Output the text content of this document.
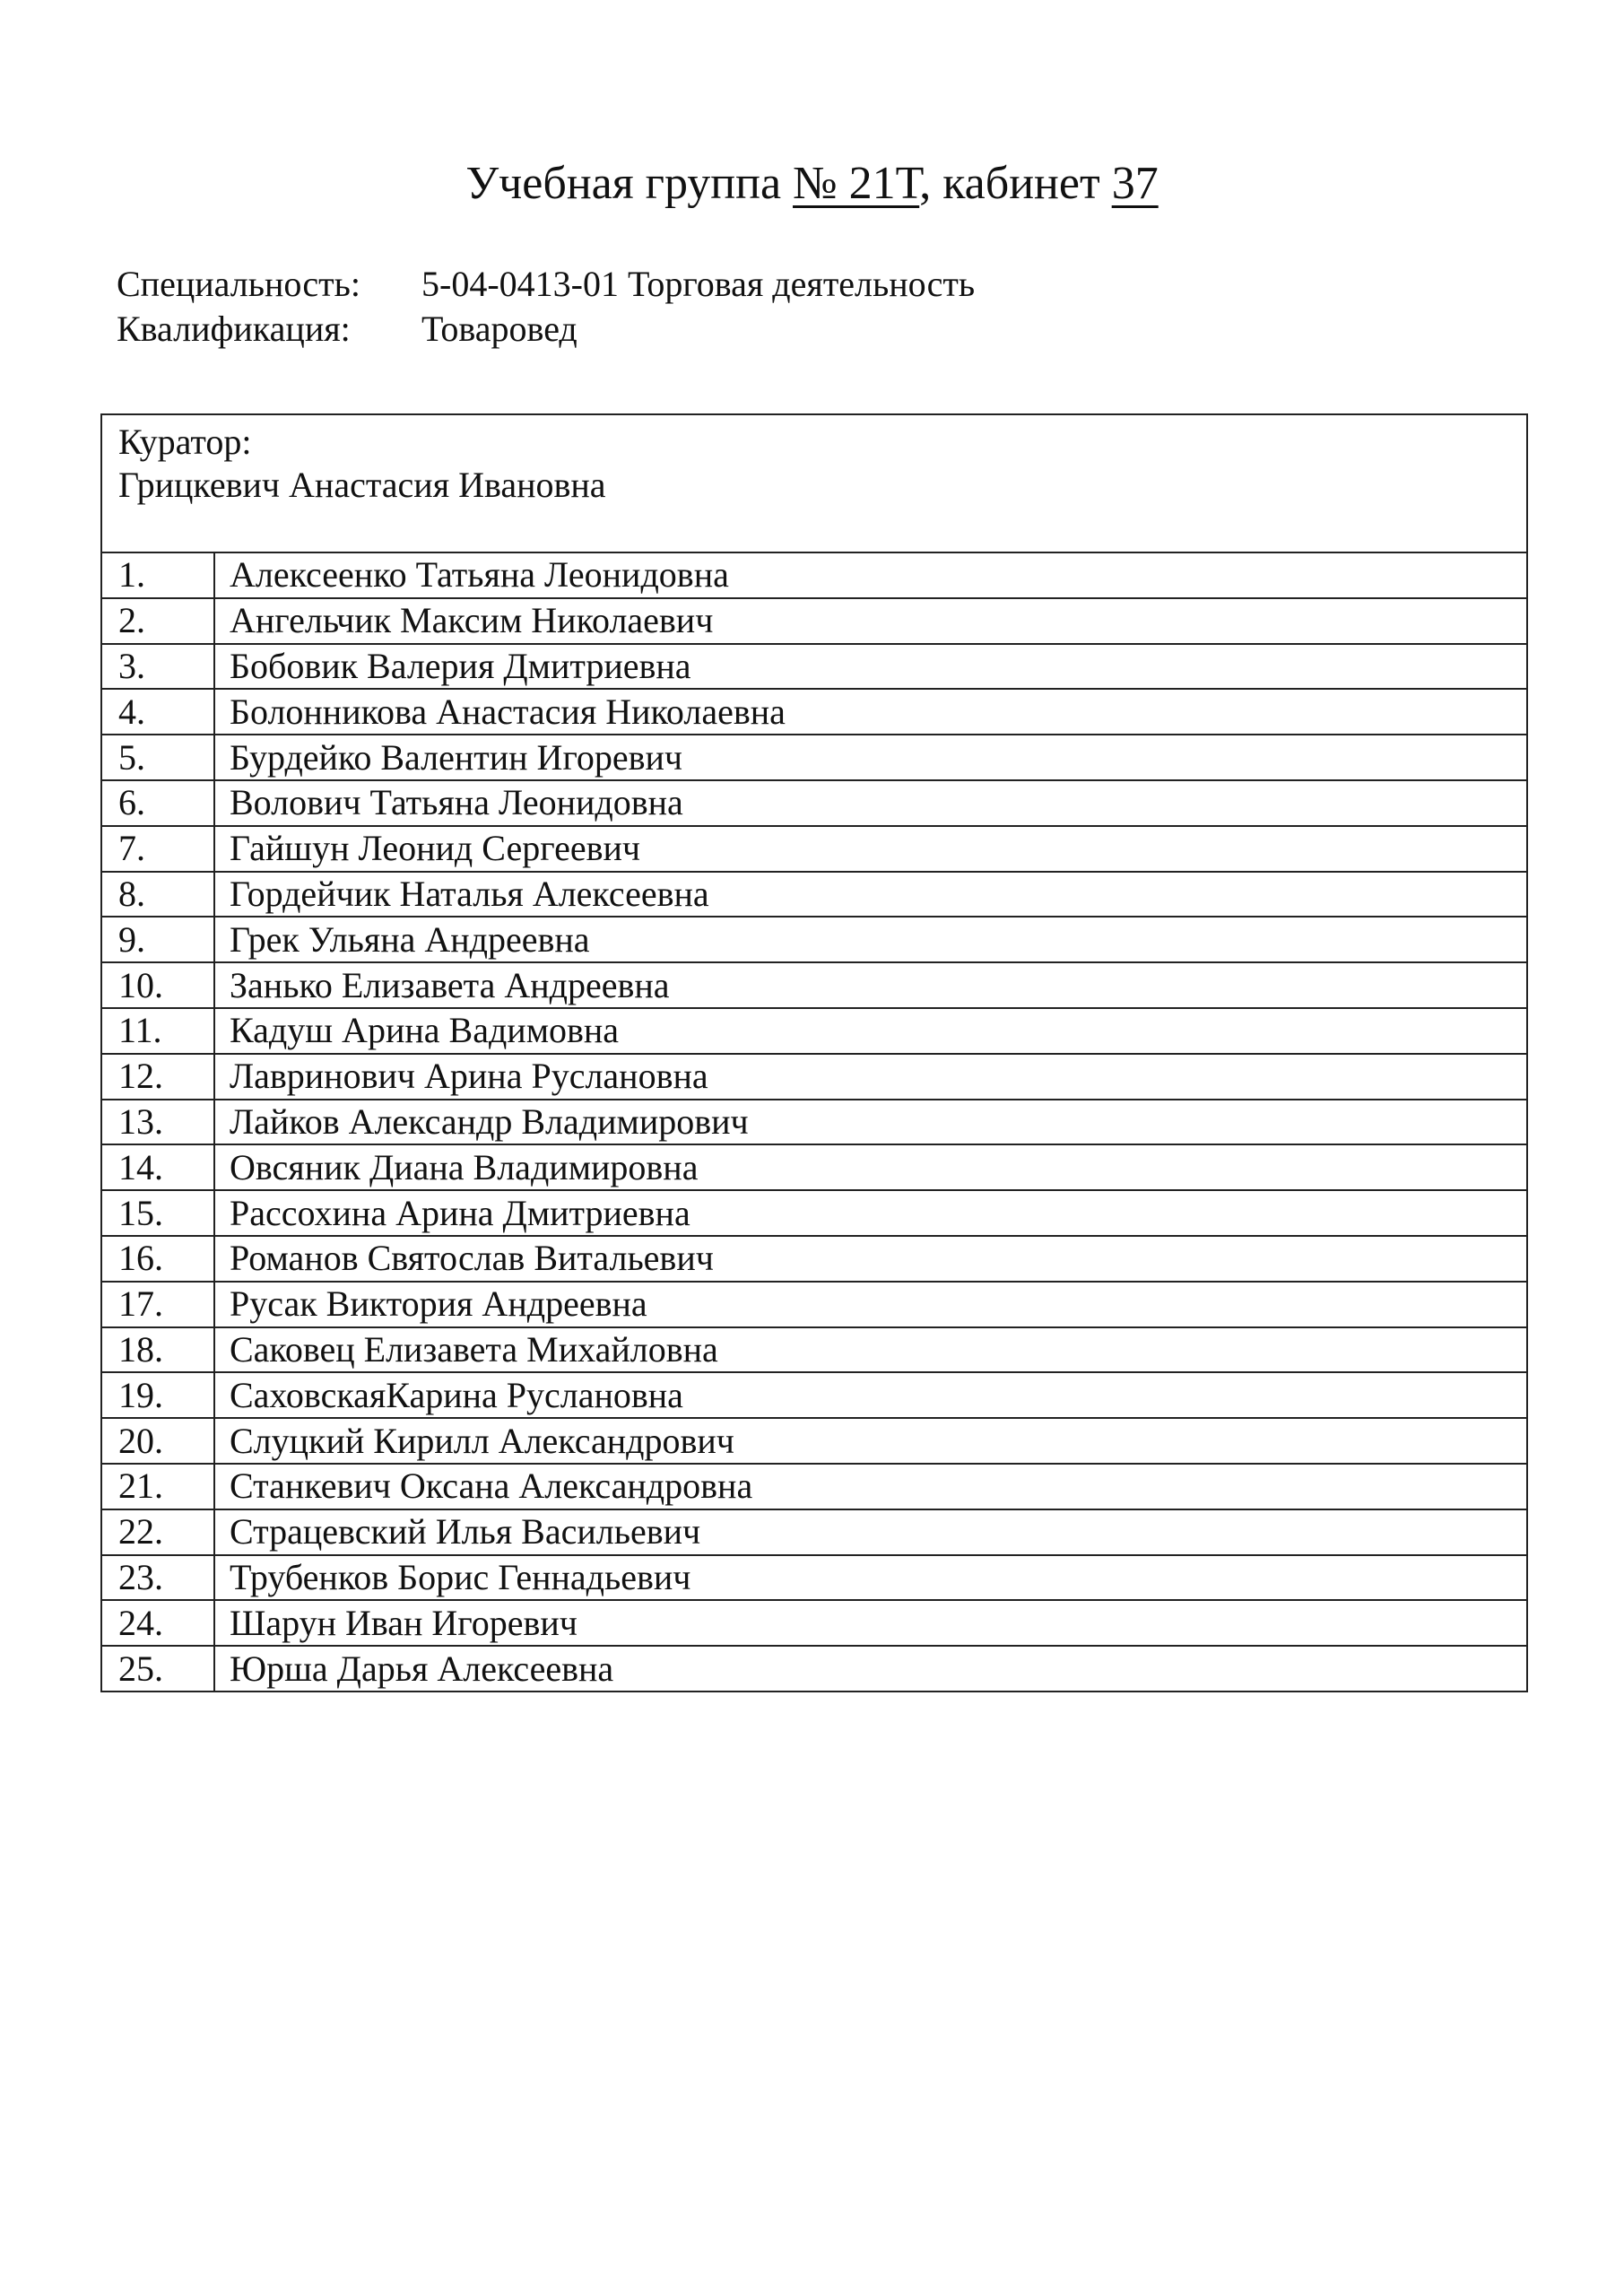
Учебная группа № 21Т, кабинет 37
Специальность:	5-04-0413-01 Торговая деятельность
Квалификация:	Товаровед
Куратор:
Грицкевич Анастасия Ивановна	

1.	Алексеенко Татьяна Леонидовна
2.	Ангельчик Максим Николаевич
3.	Бобовик Валерия Дмитриевна
4.	Болонникова Анастасия Николаевна
5.	Бурдейко Валентин Игоревич
6.	Волович Татьяна Леонидовна
7.	Гайшун Леонид Сергеевич
8.	Гордейчик Наталья Алексеевна
9.	Грек Ульяна Андреевна
10.	Занько Елизавета Андреевна
11.	Кадуш Арина Вадимовна
12.	Лавринович Арина Руслановна
13.	Лайков Александр Владимирович
14.	Овсяник Диана Владимировна
15.	Рассохина Арина Дмитриевна
16.	Романов Святослав Витальевич
17.	Русак Виктория Андреевна
18.	Саковец Елизавета Михайловна
19.	СаховскаяКарина Руслановна
20.	Слуцкий Кирилл Александрович
21.	Станкевич Оксана Александровна
22.	Страцевский Илья Васильевич
23.	Трубенков Борис Геннадьевич
24.	Шарун Иван Игоревич
25.	Юрша Дарья Алексеевна
